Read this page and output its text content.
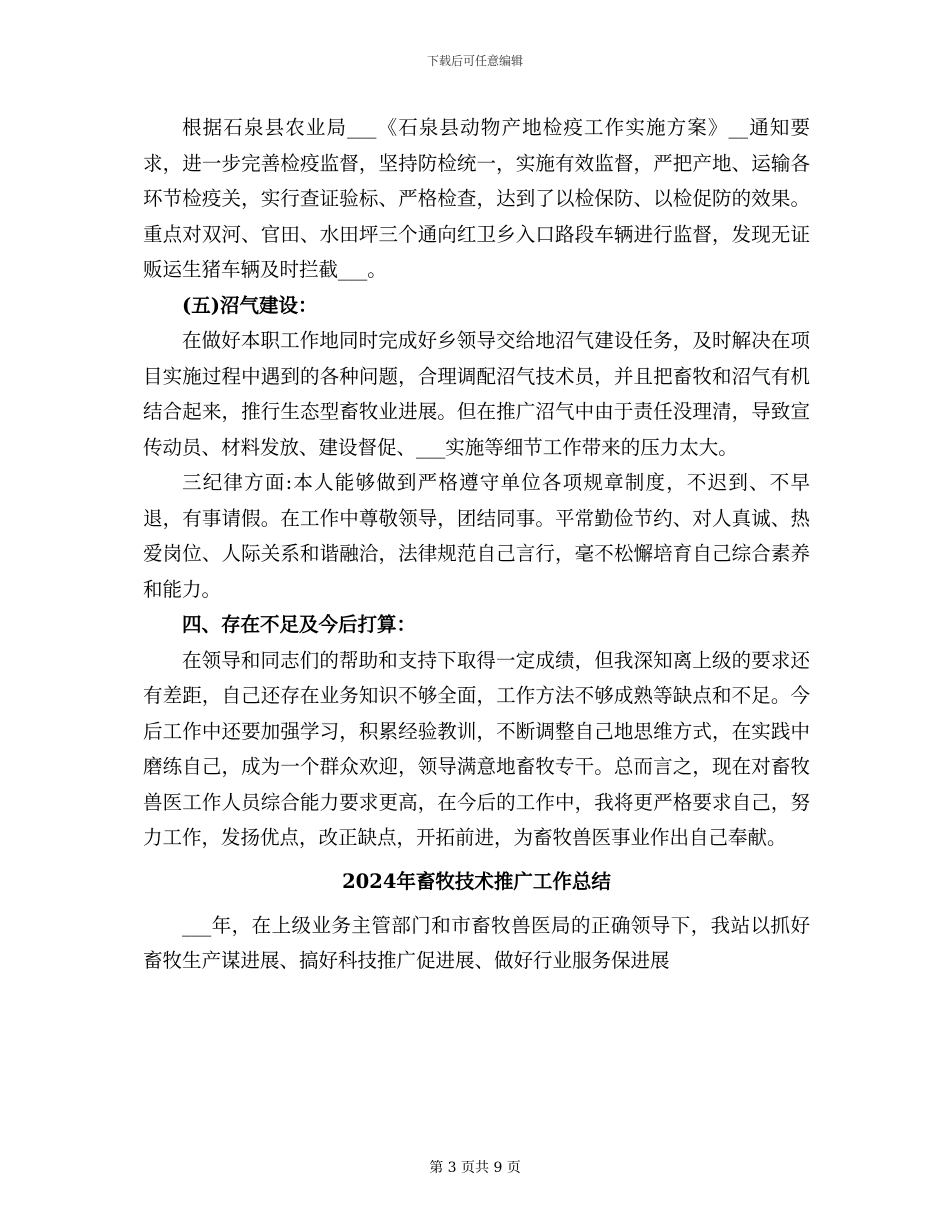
下载后可任意编辑

根据石泉县农业局___《石泉县动物产地检疫工作实施方案》__通知要求，进一步完善检疫监督，坚持防检统一，实施有效监督，严把产地、运输各环节检疫关，实行查证验标、严格检查，达到了以检保防、以检促防的效果。重点对双河、官田、水田坪三个通向红卫乡入口路段车辆进行监督，发现无证贩运生猪车辆及时拦截___。

(五)沼气建设：

在做好本职工作地同时完成好乡领导交给地沼气建设任务，及时解决在项目实施过程中遇到的各种问题，合理调配沼气技术员，并且把畜牧和沼气有机结合起来，推行生态型畜牧业进展。但在推广沼气中由于责任没理清，导致宣传动员、材料发放、建设督促、___实施等细节工作带来的压力太大。

三纪律方面:本人能够做到严格遵守单位各项规章制度，不迟到、不早退，有事请假。在工作中尊敬领导，团结同事。平常勤俭节约、对人真诚、热爱岗位、人际关系和谐融洽，法律规范自己言行，毫不松懈培育自己综合素养和能力。

四、存在不足及今后打算：

在领导和同志们的帮助和支持下取得一定成绩，但我深知离上级的要求还有差距，自己还存在业务知识不够全面，工作方法不够成熟等缺点和不足。今后工作中还要加强学习，积累经验教训，不断调整自己地思维方式，在实践中磨练自己，成为一个群众欢迎，领导满意地畜牧专干。总而言之，现在对畜牧兽医工作人员综合能力要求更高，在今后的工作中，我将更严格要求自己，努力工作，发扬优点，改正缺点，开拓前进，为畜牧兽医事业作出自己奉献。

2024年畜牧技术推广工作总结

___年，在上级业务主管部门和市畜牧兽医局的正确领导下，我站以抓好畜牧生产谋进展、搞好科技推广促进展、做好行业服务保进展

第 3 页共 9 页
